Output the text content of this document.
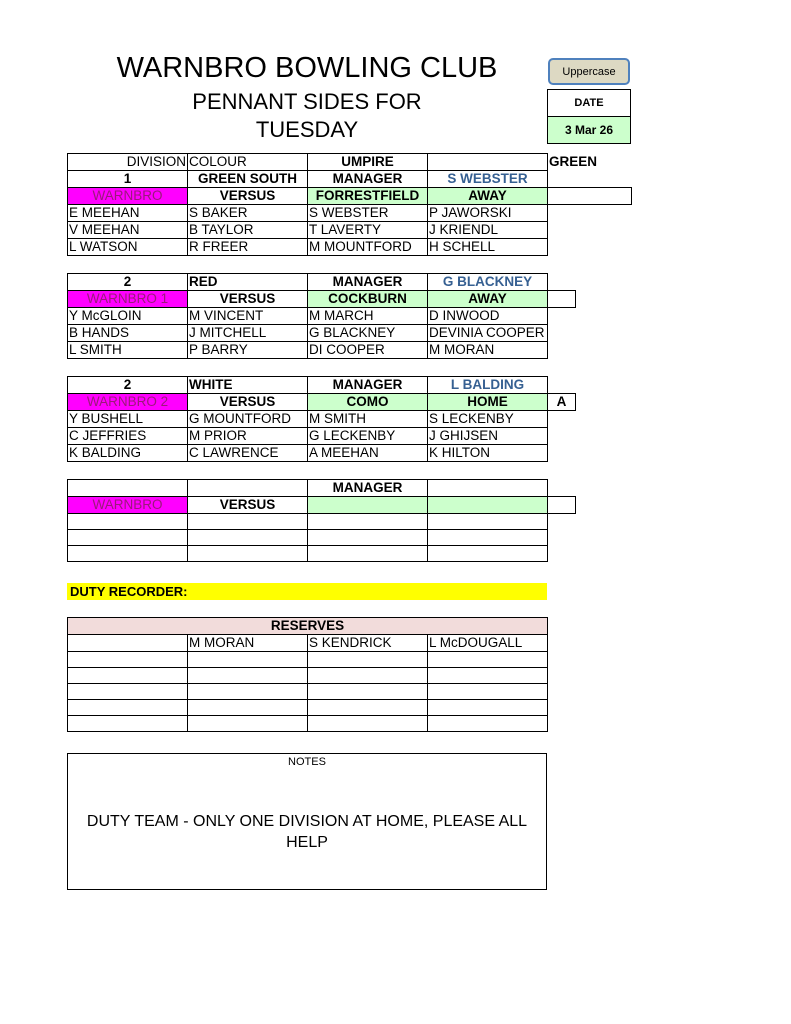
WARNBRO BOWLING CLUB
PENNANT SIDES FOR
TUESDAY
Uppercase
DATE
3 Mar 26
DIVISION	COLOUR	UMPIRE		GREEN
1	GREEN SOUTH	MANAGER	S WEBSTER	
WARNBRO	VERSUS	FORRESTFIELD	AWAY	
E MEEHAN	S BAKER	S WEBSTER	P JAWORSKI	
V MEEHAN	B TAYLOR	T LAVERTY	J KRIENDL	
L WATSON	R FREER	M MOUNTFORD	H SCHELL	
2	RED	MANAGER	G BLACKNEY	
WARNBRO 1	VERSUS	COCKBURN	AWAY	
Y McGLOIN	M VINCENT	M MARCH	D INWOOD	
B HANDS	J MITCHELL	G BLACKNEY	DEVINIA COOPER	
L SMITH	P BARRY	DI COOPER	M MORAN	
2	WHITE	MANAGER	L BALDING	
WARNBRO 2	VERSUS	COMO	HOME	A
Y BUSHELL	G MOUNTFORD	M SMITH	S LECKENBY	
C JEFFRIES	M PRIOR	G LECKENBY	J GHIJSEN	
K BALDING	C LAWRENCE	A MEEHAN	K HILTON	
		MANAGER		
WARNBRO	VERSUS			

DUTY RECORDER:
RESERVES			
	M MORAN	S KENDRICK	L McDOUGALL

NOTES
DUTY TEAM - ONLY ONE DIVISION AT HOME, PLEASE ALL HELP
